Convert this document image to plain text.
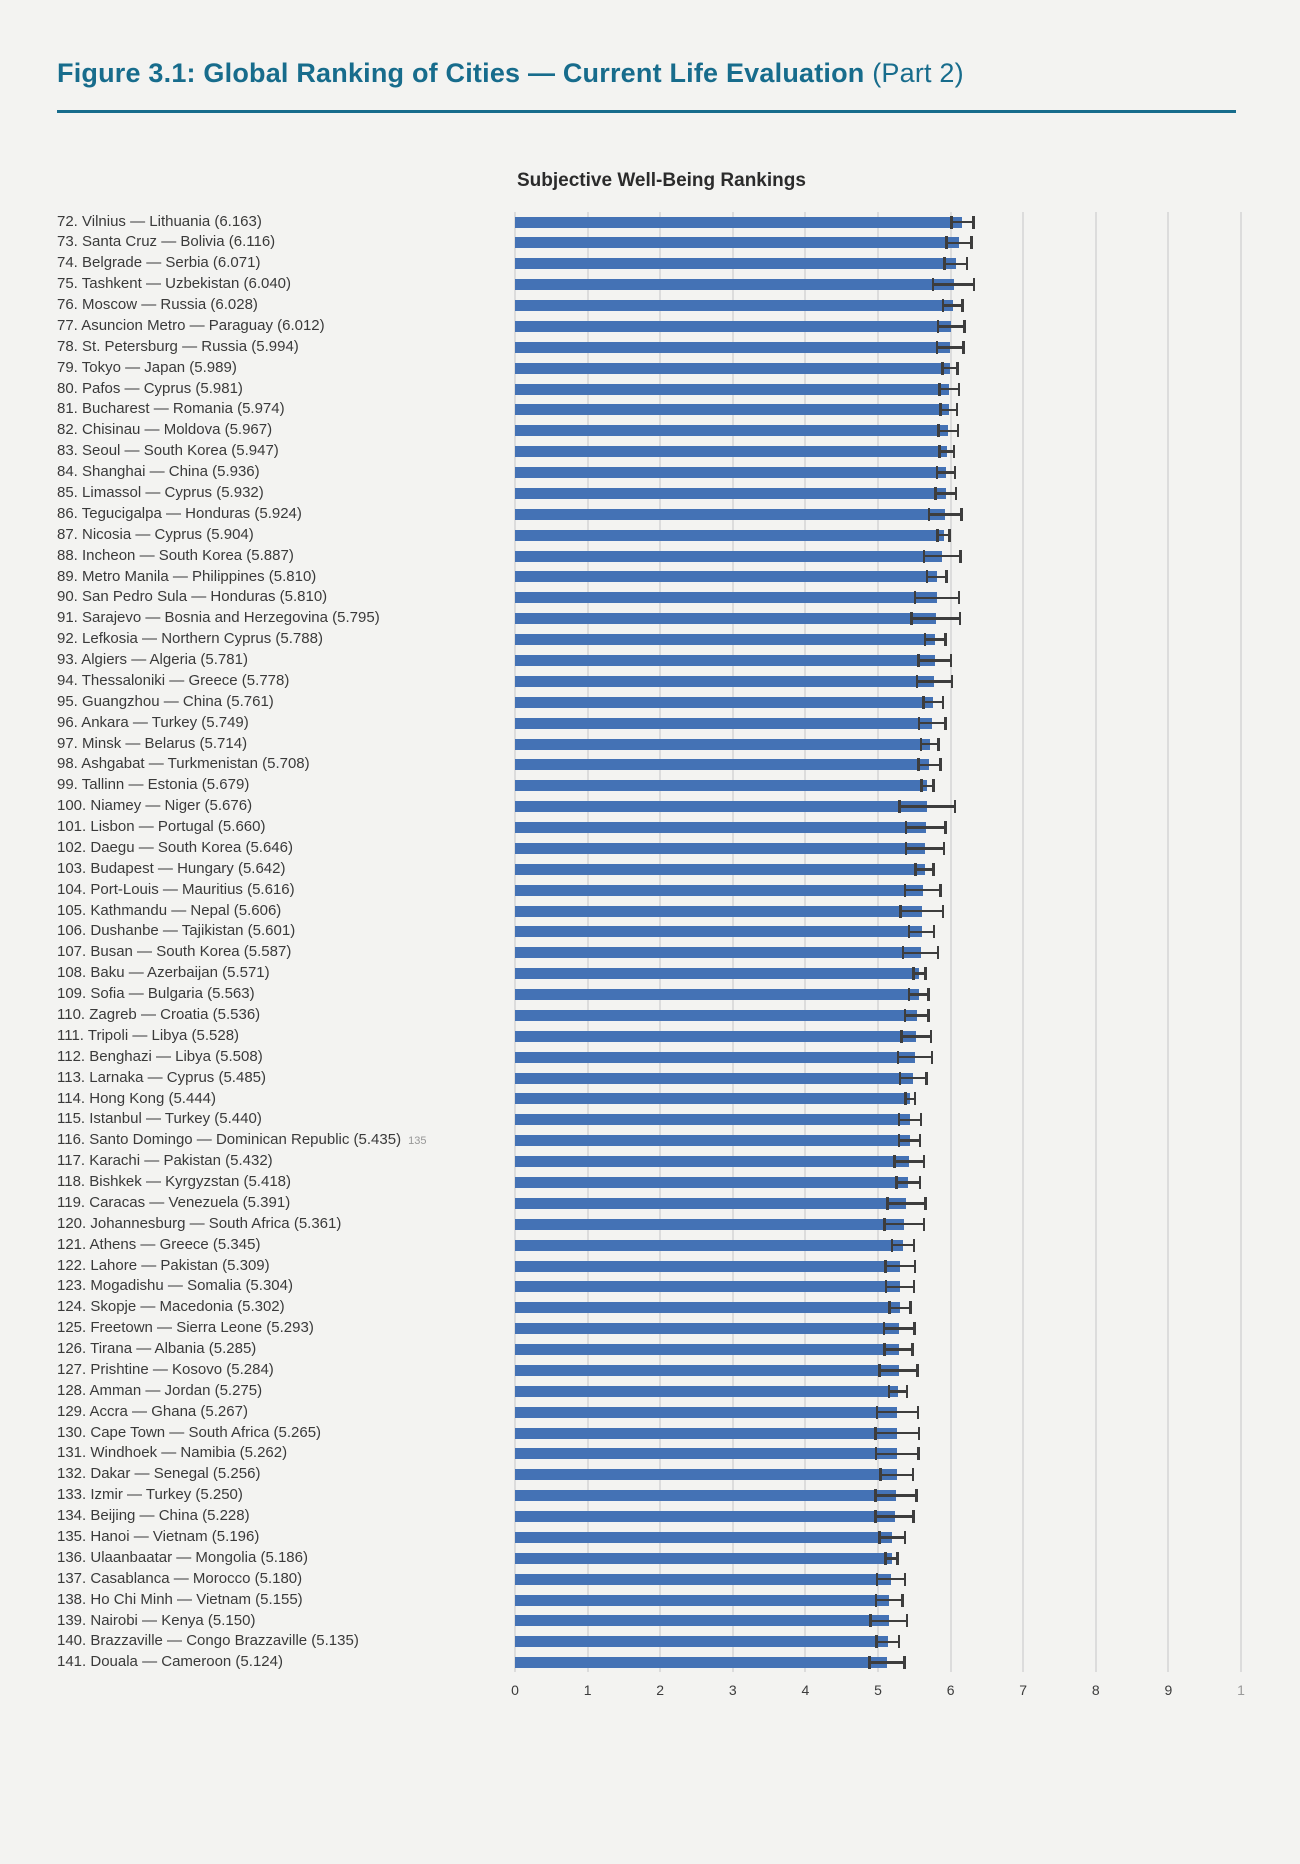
Figure 3.1: Global Ranking of Cities — Current Life Evaluation (Part 2)
Subjective Well-Being Rankings
0	1	2	3	4	5	6	7	8	9	1
72. Vilnius — Lithuania (6.163)
73. Santa Cruz — Bolivia (6.116)
74. Belgrade — Serbia (6.071)
75. Tashkent — Uzbekistan (6.040)
76. Moscow — Russia (6.028)
77. Asuncion Metro — Paraguay (6.012)
78. St. Petersburg — Russia (5.994)
79. Tokyo — Japan (5.989)
80. Pafos — Cyprus (5.981)
81. Bucharest — Romania (5.974)
82. Chisinau — Moldova (5.967)
83. Seoul — South Korea (5.947)
84. Shanghai — China (5.936)
85. Limassol — Cyprus (5.932)
86. Tegucigalpa — Honduras (5.924)
87. Nicosia — Cyprus (5.904)
88. Incheon — South Korea (5.887)
89. Metro Manila — Philippines (5.810)
90. San Pedro Sula — Honduras (5.810)
91. Sarajevo — Bosnia and Herzegovina (5.795)
92. Lefkosia — Northern Cyprus (5.788)
93. Algiers — Algeria (5.781)
94. Thessaloniki — Greece (5.778)
95. Guangzhou — China (5.761)
96. Ankara — Turkey (5.749)
97. Minsk — Belarus (5.714)
98. Ashgabat — Turkmenistan (5.708)
99. Tallinn — Estonia (5.679)
100. Niamey — Niger (5.676)
101. Lisbon — Portugal (5.660)
102. Daegu — South Korea (5.646)
103. Budapest — Hungary (5.642)
104. Port-Louis — Mauritius (5.616)
105. Kathmandu — Nepal (5.606)
106. Dushanbe — Tajikistan (5.601)
107. Busan — South Korea (5.587)
108. Baku — Azerbaijan (5.571)
109. Sofia — Bulgaria (5.563)
110. Zagreb — Croatia (5.536)
111. Tripoli — Libya (5.528)
112. Benghazi — Libya (5.508)
113. Larnaka — Cyprus (5.485)
114. Hong Kong (5.444)
115. Istanbul — Turkey (5.440)
116. Santo Domingo — Dominican Republic (5.435) 135
117. Karachi — Pakistan (5.432)
118. Bishkek — Kyrgyzstan (5.418)
119. Caracas — Venezuela (5.391)
120. Johannesburg — South Africa (5.361)
121. Athens — Greece (5.345)
122. Lahore — Pakistan (5.309)
123. Mogadishu — Somalia (5.304)
124. Skopje — Macedonia (5.302)
125. Freetown — Sierra Leone (5.293)
126. Tirana — Albania (5.285)
127. Prishtine — Kosovo (5.284)
128. Amman — Jordan (5.275)
129. Accra — Ghana (5.267)
130. Cape Town — South Africa (5.265)
131. Windhoek — Namibia (5.262)
132. Dakar — Senegal (5.256)
133. Izmir — Turkey (5.250)
134. Beijing — China (5.228)
135. Hanoi — Vietnam (5.196)
136. Ulaanbaatar — Mongolia (5.186)
137. Casablanca — Morocco (5.180)
138. Ho Chi Minh — Vietnam (5.155)
139. Nairobi — Kenya (5.150)
140. Brazzaville — Congo Brazzaville (5.135)
141. Douala — Cameroon (5.124)
